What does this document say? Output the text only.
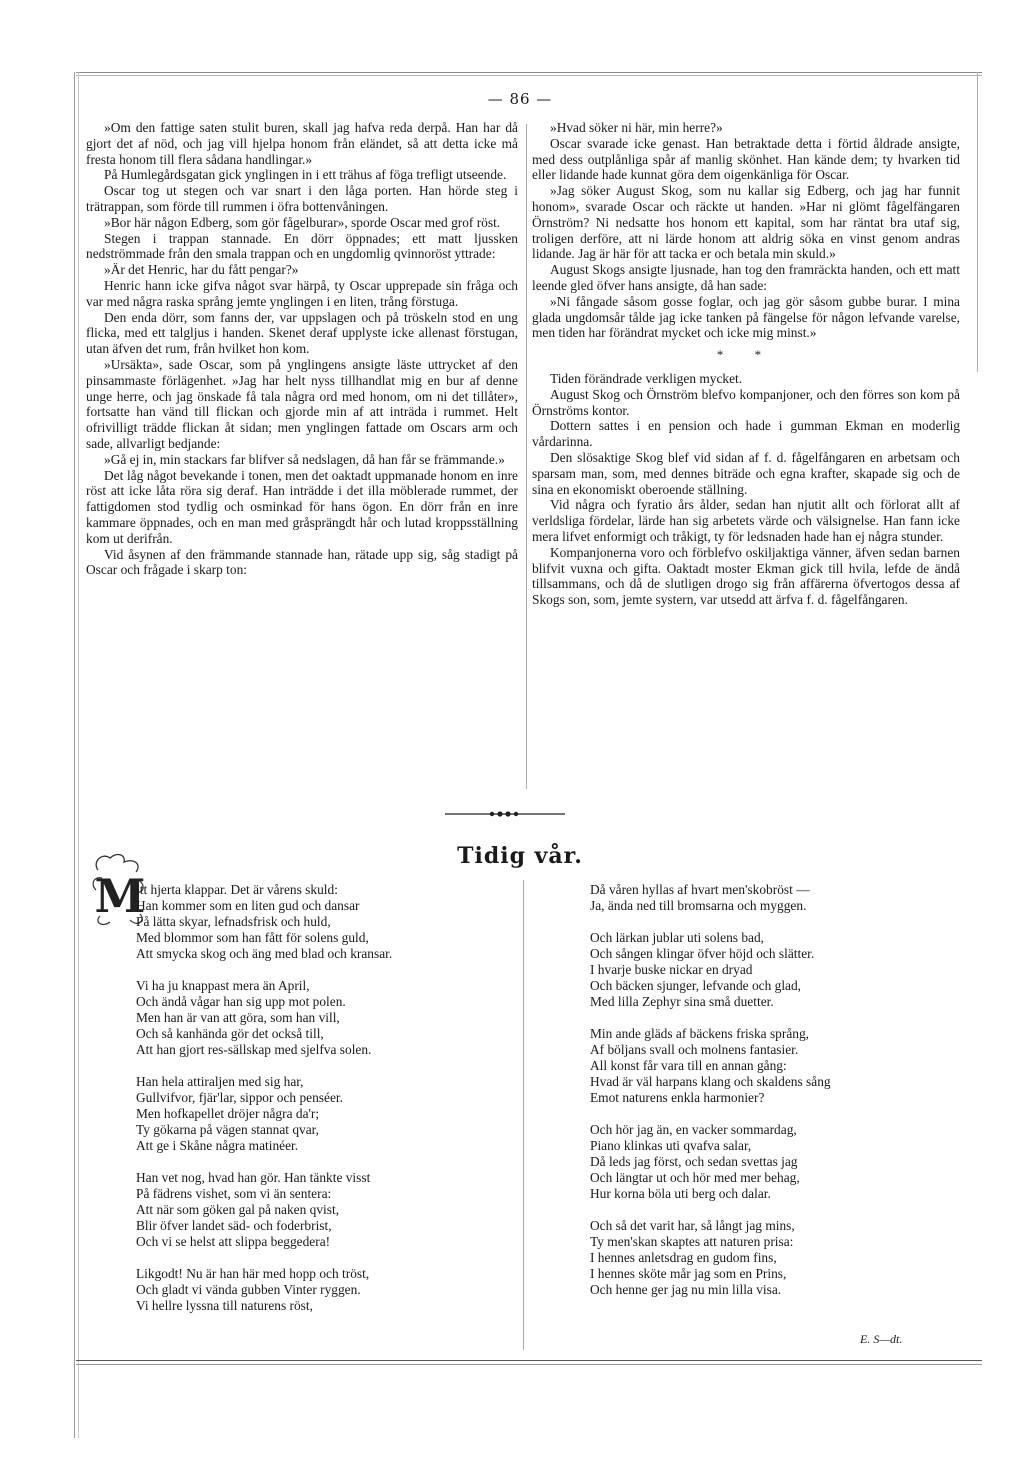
— 86 —

»Om den fattige saten stulit buren, skall jag hafva reda derpå. Han har då gjort det af nöd, och jag vill hjelpa honom från eländet, så att detta icke må fresta honom till flera sådana handlingar.»

På Humlegårdsgatan gick ynglingen in i ett trähus af föga trefligt utseende.

Oscar tog ut stegen och var snart i den låga porten. Han hörde steg i trätrappan, som förde till rummen i öfra bottenvåningen.

»Bor här någon Edberg, som gör fågelburar», sporde Oscar med grof röst.

Stegen i trappan stannade. En dörr öppnades; ett matt ljussken nedströmmade från den smala trappan och en ungdomlig qvinnoröst yttrade:

»Är det Henric, har du fått pengar?»

Henric hann icke gifva något svar härpå, ty Oscar upprepade sin fråga och var med några raska språng jemte ynglingen i en liten, trång förstuga.

Den enda dörr, som fanns der, var uppslagen och på tröskeln stod en ung flicka, med ett talgljus i handen. Skenet deraf upplyste icke allenast förstugan, utan äfven det rum, från hvilket hon kom.

»Ursäkta», sade Oscar, som på ynglingens ansigte läste uttrycket af den pinsammaste förlägenhet. »Jag har helt nyss tillhandlat mig en bur af denne unge herre, och jag önskade få tala några ord med honom, om ni det tillåter», fortsatte han vänd till flickan och gjorde min af att inträda i rummet. Helt ofrivilligt trädde flickan åt sidan; men ynglingen fattade om Oscars arm och sade, allvarligt bedjande:

»Gå ej in, min stackars far blifver så nedslagen, då han får se främmande.»

Det låg något bevekande i tonen, men det oaktadt uppmanade honom en inre röst att icke låta röra sig deraf. Han inträdde i det illa möblerade rummet, der fattigdomen stod tydlig och osminkad för hans ögon. En dörr från en inre kammare öppnades, och en man med gråsprängdt hår och lutad kroppsställning kom ut derifrån.

Vid åsynen af den främmande stannade han, rätade upp sig, såg stadigt på Oscar och frågade i skarp ton:

»Hvad söker ni här, min herre?»

Oscar svarade icke genast. Han betraktade detta i förtid åldrade ansigte, med dess outplånliga spår af manlig skönhet. Han kände dem; ty hvarken tid eller lidande hade kunnat göra dem oigenkänliga för Oscar.

»Jag söker August Skog, som nu kallar sig Edberg, och jag har funnit honom», svarade Oscar och räckte ut handen. »Har ni glömt fågelfängaren Örnström? Ni nedsatte hos honom ett kapital, som har räntat bra utaf sig, troligen derföre, att ni lärde honom att aldrig söka en vinst genom andras lidande. Jag är här för att tacka er och betala min skuld.»

August Skogs ansigte ljusnade, han tog den framräckta handen, och ett matt leende gled öfver hans ansigte, då han sade:

»Ni fångade såsom gosse foglar, och jag gör såsom gubbe burar. I mina glada ungdomsår tålde jag icke tanken på fängelse för någon lefvande varelse, men tiden har förändrat mycket och icke mig minst.»

* *

Tiden förändrade verkligen mycket.

August Skog och Örnström blefvo kompanjoner, och den förres son kom på Örnströms kontor.

Dottern sattes i en pension och hade i gumman Ekman en moderlig vårdarinna.

Den slösaktige Skog blef vid sidan af f. d. fågelfångaren en arbetsam och sparsam man, som, med dennes biträde och egna krafter, skapade sig och de sina en ekonomiskt oberoende ställning.

Vid några och fyratio års ålder, sedan han njutit allt och förlorat allt af verldsliga fördelar, lärde han sig arbetets värde och välsignelse. Han fann icke mera lifvet enformigt och tråkigt, ty för ledsnaden hade han ej några stunder.

Kompanjonerna voro och förblefvo oskiljaktiga vänner, äfven sedan barnen blifvit vuxna och gifta. Oaktadt moster Ekman gick till hvila, lefde de ändå tillsammans, och då de slutligen drogo sig från affärerna öfvertogos dessa af Skogs son, som, jemte systern, var utsedd att ärfva f. d. fågelfångaren.

Tidig vår.
M
itt hjerta klappar. Det är vårens skuld:
Han kommer som en liten gud och dansar
På lätta skyar, lefnadsfrisk och huld,
Med blommor som han fått för solens guld,
Att smycka skog och äng med blad och kransar.
Vi ha ju knappast mera än April,
Och ändå vågar han sig upp mot polen.
Men han är van att göra, som han vill,
Och så kanhända gör det också till,
Att han gjort res-sällskap med sjelfva solen.
Han hela attiraljen med sig har,
Gullvifvor, fjär'lar, sippor och penséer.
Men hofkapellet dröjer några da'r;
Ty gökarna på vägen stannat qvar,
Att ge i Skåne några matinéer.
Han vet nog, hvad han gör. Han tänkte visst
På fädrens vishet, som vi än sentera:
Att när som göken gal på naken qvist,
Blir öfver landet säd- och foderbrist,
Och vi se helst att slippa beggedera!
Likgodt! Nu är han här med hopp och tröst,
Och gladt vi vända gubben Vinter ryggen.
Vi hellre lyssna till naturens röst,
Då våren hyllas af hvart men'skobröst —
Ja, ända ned till bromsarna och myggen.
Och lärkan jublar uti solens bad,
Och sången klingar öfver höjd och slätter.
I hvarje buske nickar en dryad
Och bäcken sjunger, lefvande och glad,
Med lilla Zephyr sina små duetter.
Min ande gläds af bäckens friska språng,
Af böljans svall och molnens fantasier.
All konst får vara till en annan gång:
Hvad är väl harpans klang och skaldens sång
Emot naturens enkla harmonier?
Och hör jag än, en vacker sommardag,
Piano klinkas uti qvafva salar,
Då leds jag först, och sedan svettas jag
Och längtar ut och hör med mer behag,
Hur korna böla uti berg och dalar.
Och så det varit har, så långt jag mins,
Ty men'skan skaptes att naturen prisa:
I hennes anletsdrag en gudom fins,
I hennes sköte mår jag som en Prins,
Och henne ger jag nu min lilla visa.
E. S—dt.
